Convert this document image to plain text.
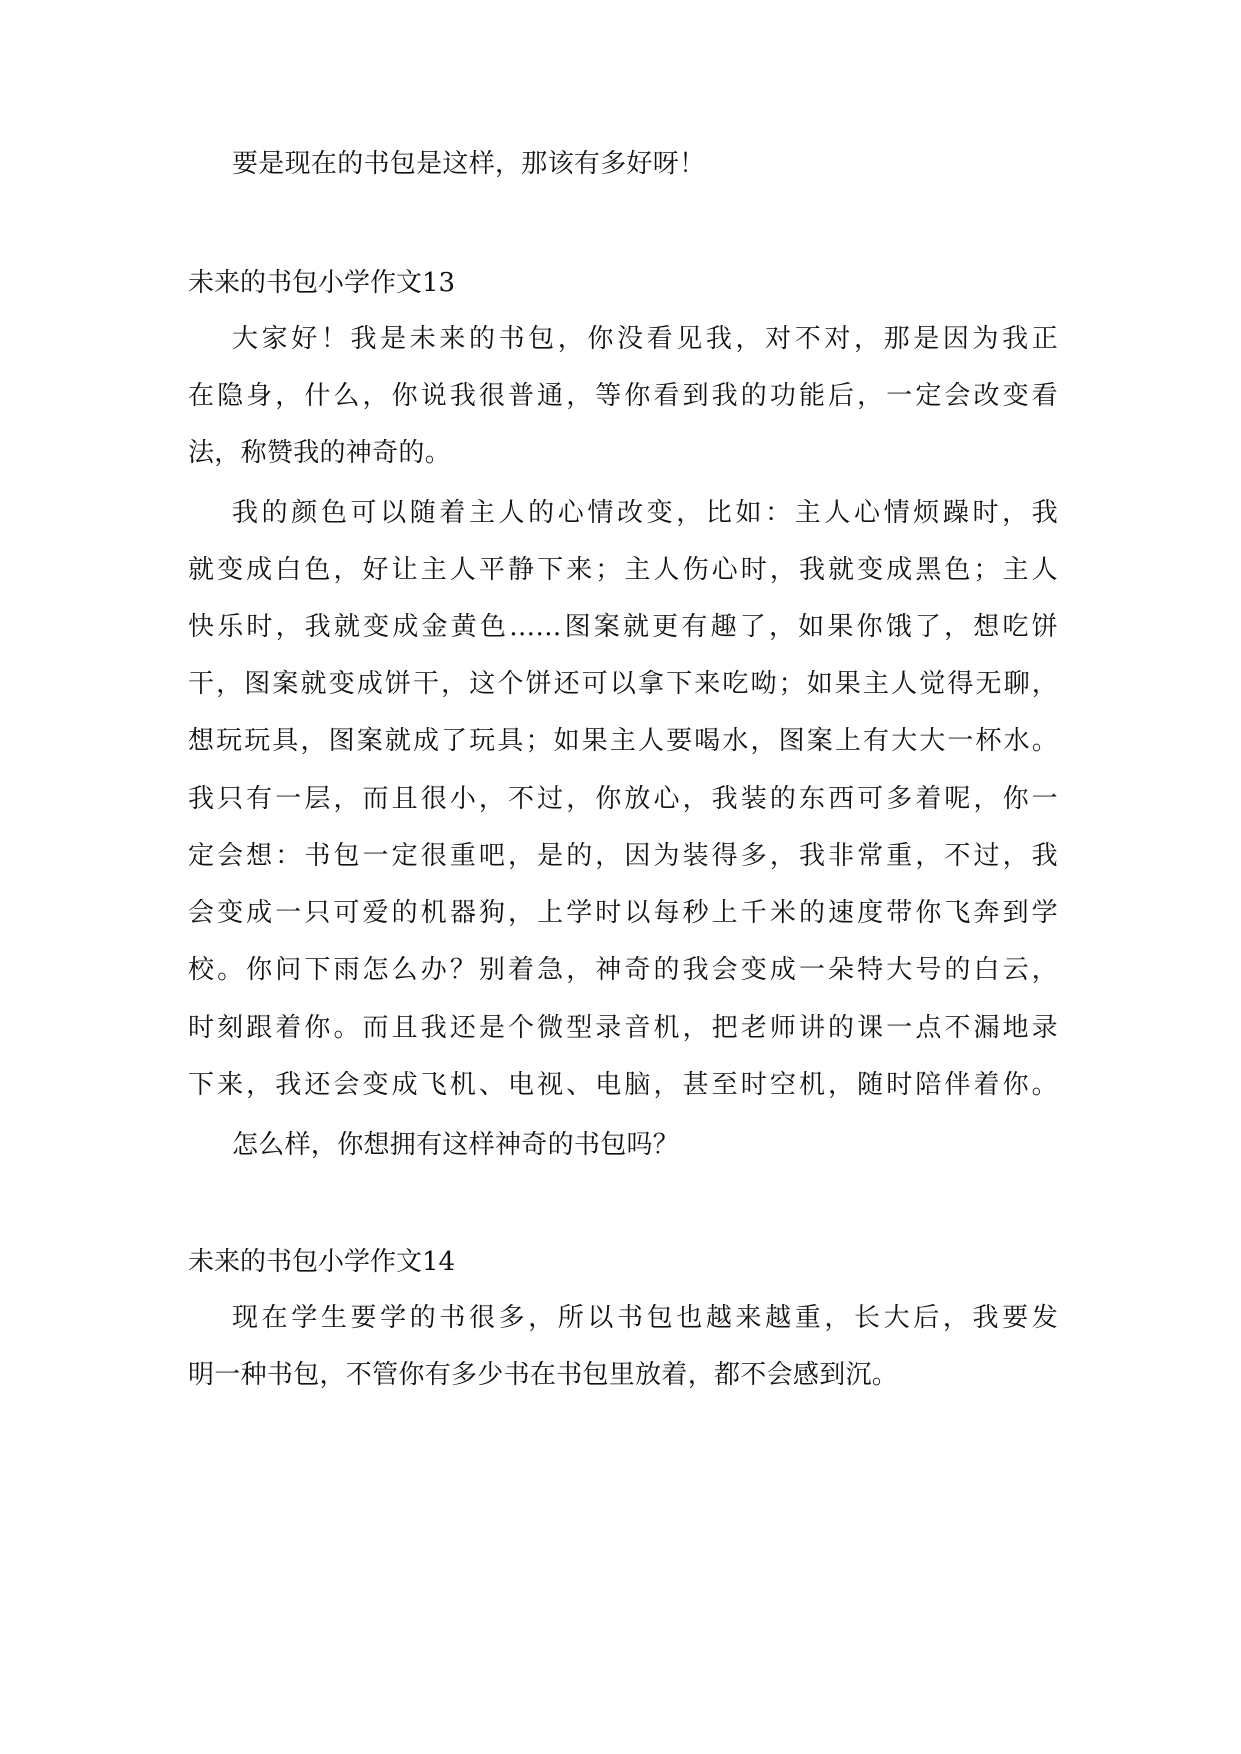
要是现在的书包是这样，那该有多好呀！
未来的书包小学作文13
大家好！我是未来的书包，你没看见我，对不对，那是因为我正
在隐身，什么，你说我很普通，等你看到我的功能后，一定会改变看
法，称赞我的神奇的。
我的颜色可以随着主人的心情改变，比如：主人心情烦躁时，我
就变成白色，好让主人平静下来；主人伤心时，我就变成黑色；主人
快乐时，我就变成金黄色……图案就更有趣了，如果你饿了，想吃饼
干，图案就变成饼干，这个饼还可以拿下来吃呦；如果主人觉得无聊，
想玩玩具，图案就成了玩具；如果主人要喝水，图案上有大大一杯水。
我只有一层，而且很小，不过，你放心，我装的东西可多着呢，你一
定会想：书包一定很重吧，是的，因为装得多，我非常重，不过，我
会变成一只可爱的机器狗，上学时以每秒上千米的速度带你飞奔到学
校。你问下雨怎么办？别着急，神奇的我会变成一朵特大号的白云，
时刻跟着你。而且我还是个微型录音机，把老师讲的课一点不漏地录
下来，我还会变成飞机、电视、电脑，甚至时空机，随时陪伴着你。
怎么样，你想拥有这样神奇的书包吗？
未来的书包小学作文14
现在学生要学的书很多，所以书包也越来越重，长大后，我要发
明一种书包，不管你有多少书在书包里放着，都不会感到沉。
